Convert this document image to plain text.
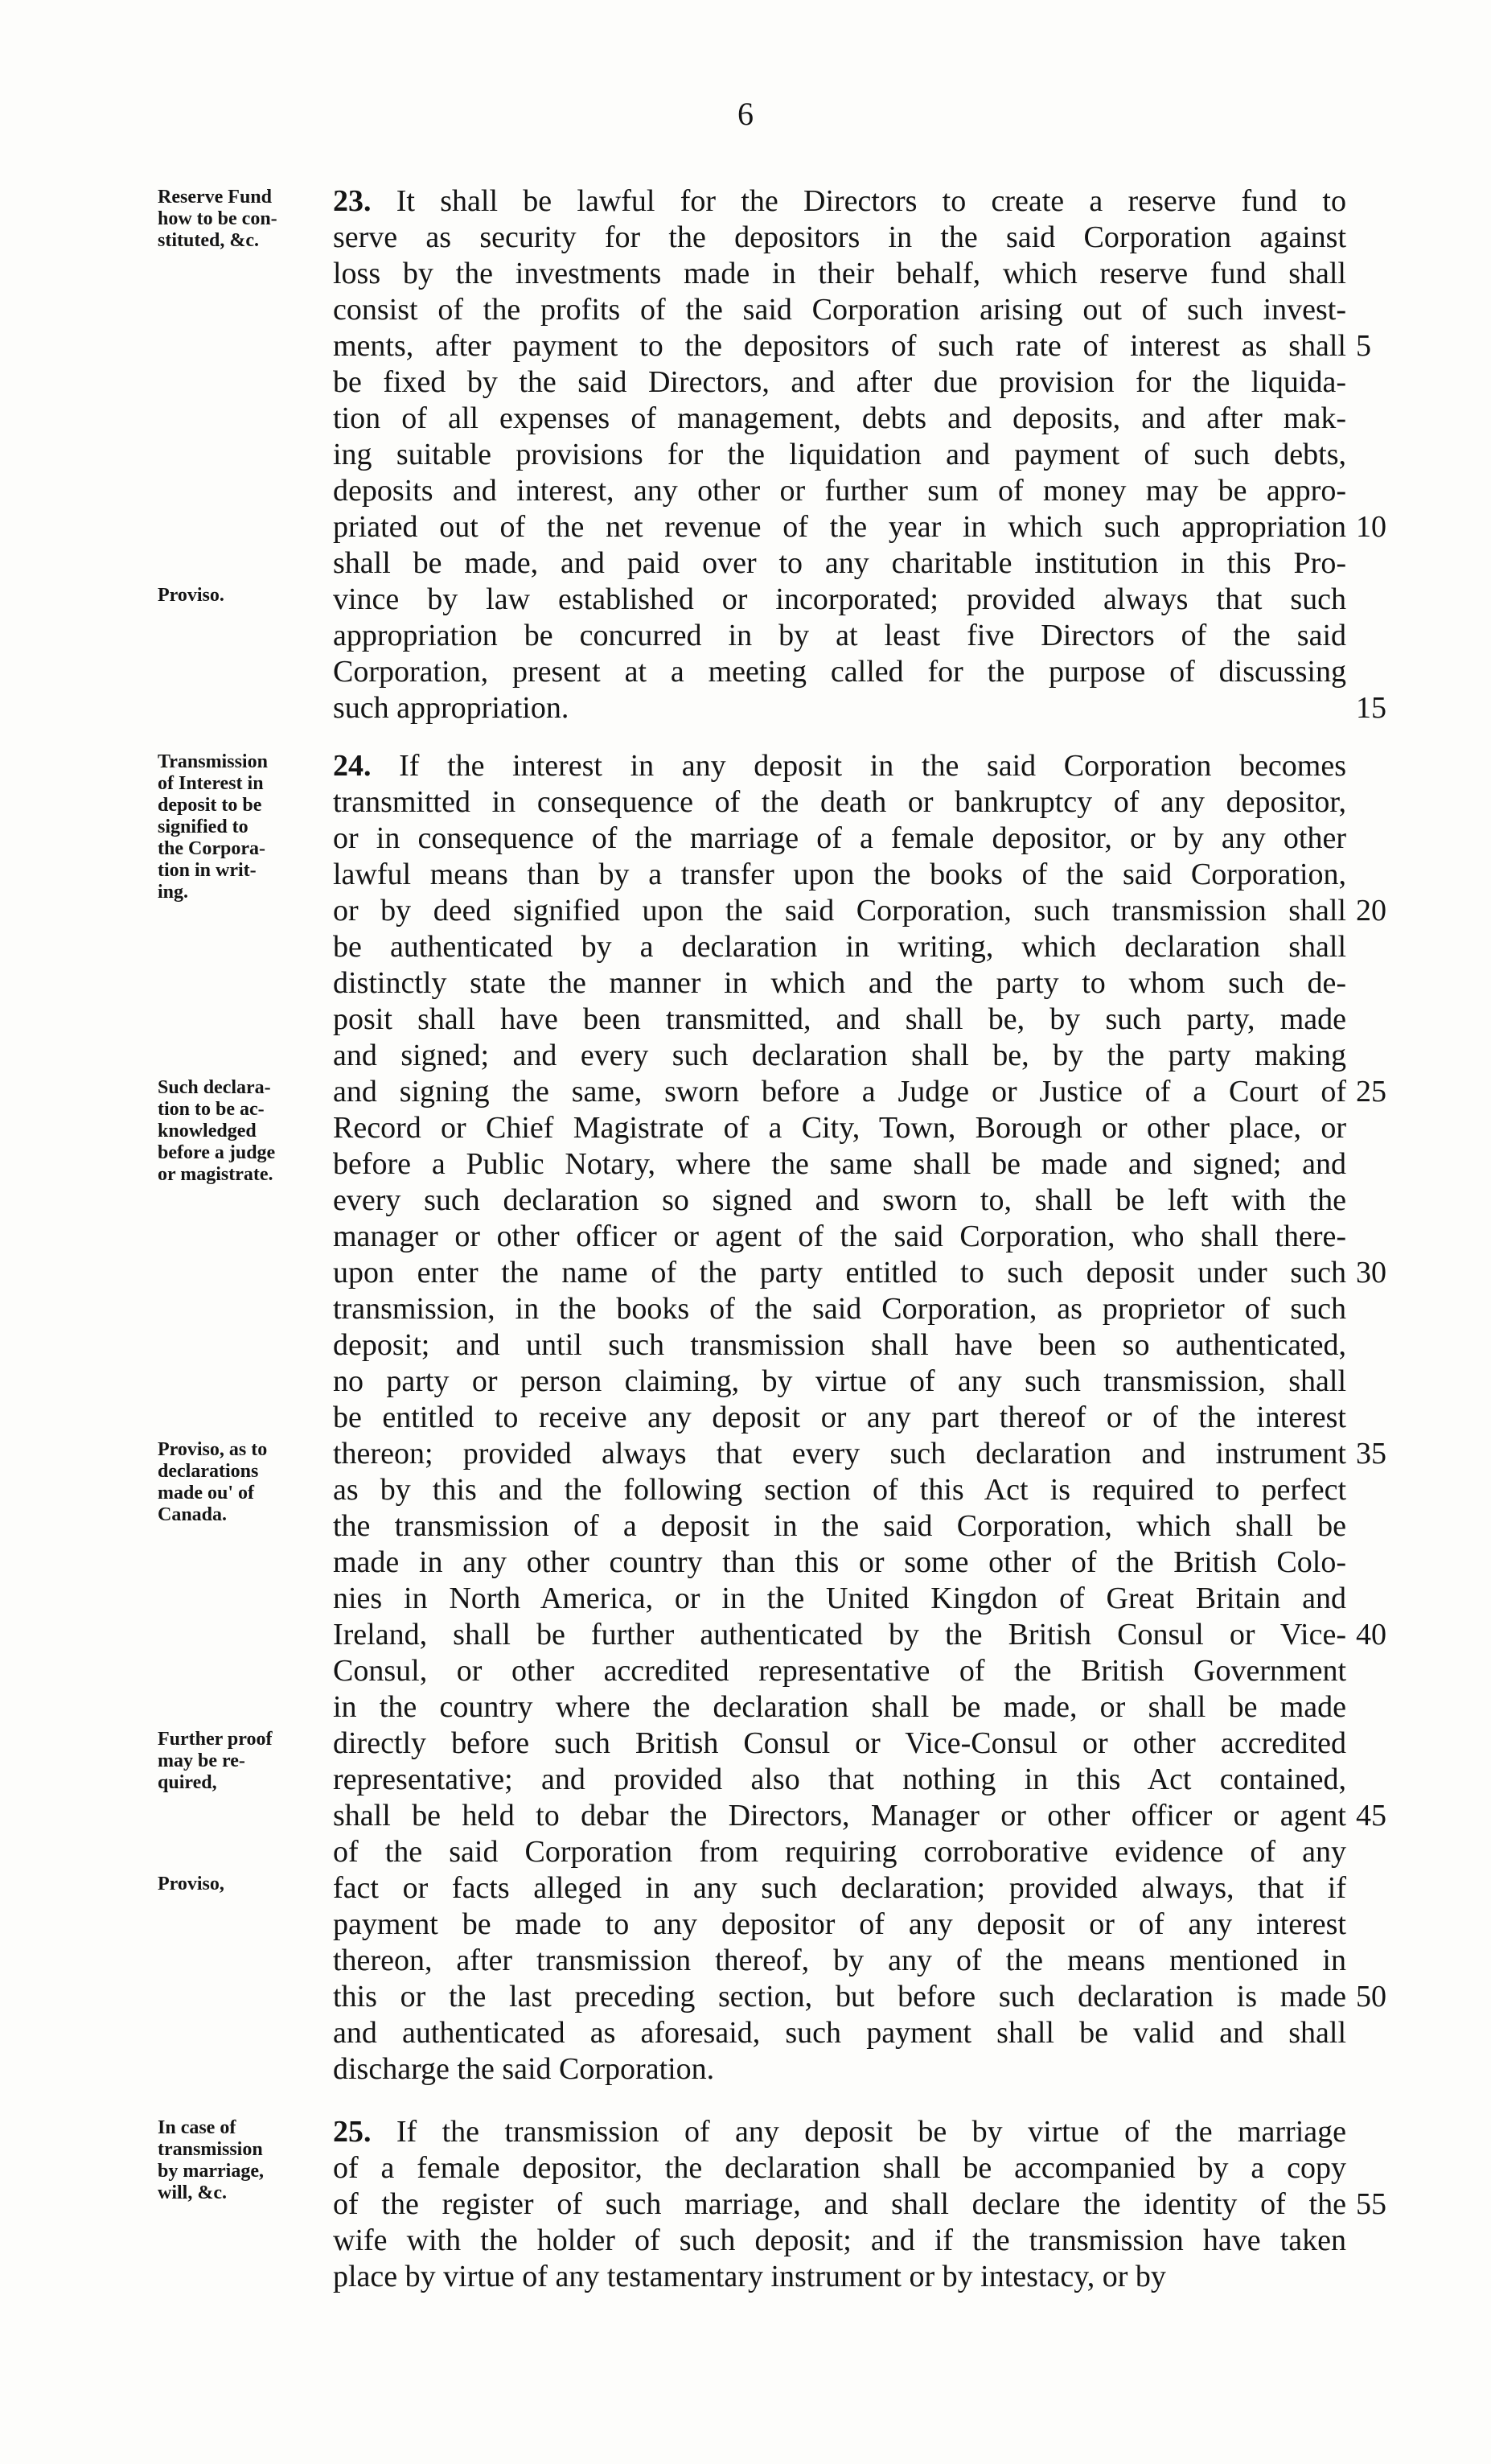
6
Reserve Fund
how to be con-
stituted, &c.
Proviso.
23. It shall be lawful for the Directors to create a reserve fund to
serve as security for the depositors in the said Corporation against
loss by the investments made in their behalf, which reserve fund shall
consist of the profits of the said Corporation arising out of such invest-
ments, after payment to the depositors of such rate of interest as shall
be fixed by the said Directors, and after due provision for the liquida-
tion of all expenses of management, debts and deposits, and after mak-
ing suitable provisions for the liquidation and payment of such debts,
deposits and interest, any other or further sum of money may be appro-
priated out of the net revenue of the year in which such appropriation
shall be made, and paid over to any charitable institution in this Pro-
vince by law established or incorporated; provided always that such
appropriation be concurred in by at least five Directors of the said
Corporation, present at a meeting called for the purpose of discussing
such appropriation.
5
10
15
Transmission
of Interest in
deposit to be
signified to
the Corpora-
tion in writ-
ing.
Such declara-
tion to be ac-
knowledged
before a judge
or magistrate.
Proviso, as to
declarations
made ou' of
Canada.
Further proof
may be re-
quired,
Proviso,
24. If the interest in any deposit in the said Corporation becomes
transmitted in consequence of the death or bankruptcy of any depositor,
or in consequence of the marriage of a female depositor, or by any other
lawful means than by a transfer upon the books of the said Corporation,
or by deed signified upon the said Corporation, such transmission shall
be authenticated by a declaration in writing, which declaration shall
distinctly state the manner in which and the party to whom such de-
posit shall have been transmitted, and shall be, by such party, made
and signed; and every such declaration shall be, by the party making
and signing the same, sworn before a Judge or Justice of a Court of
Record or Chief Magistrate of a City, Town, Borough or other place, or
before a Public Notary, where the same shall be made and signed; and
every such declaration so signed and sworn to, shall be left with the
manager or other officer or agent of the said Corporation, who shall there-
upon enter the name of the party entitled to such deposit under such
transmission, in the books of the said Corporation, as proprietor of such
deposit; and until such transmission shall have been so authenticated,
no party or person claiming, by virtue of any such transmission, shall
be entitled to receive any deposit or any part thereof or of the interest
thereon; provided always that every such declaration and instrument
as by this and the following section of this Act is required to perfect
the transmission of a deposit in the said Corporation, which shall be
made in any other country than this or some other of the British Colo-
nies in North America, or in the United Kingdon of Great Britain and
Ireland, shall be further authenticated by the British Consul or Vice-
Consul, or other accredited representative of the British Government
in the country where the declaration shall be made, or shall be made
directly before such British Consul or Vice-Consul or other accredited
representative; and provided also that nothing in this Act contained,
shall be held to debar the Directors, Manager or other officer or agent
of the said Corporation from requiring corroborative evidence of any
fact or facts alleged in any such declaration; provided always, that if
payment be made to any depositor of any deposit or of any interest
thereon, after transmission thereof, by any of the means mentioned in
this or the last preceding section, but before such declaration is made
and authenticated as aforesaid, such payment shall be valid and shall
discharge the said Corporation.
20
25
30
35
40
45
50
In case of
transmission
by marriage,
will, &c.
25. If the transmission of any deposit be by virtue of the marriage
of a female depositor, the declaration shall be accompanied by a copy
of the register of such marriage, and shall declare the identity of the
wife with the holder of such deposit; and if the transmission have taken
place by virtue of any testamentary instrument or by intestacy, or by
55
